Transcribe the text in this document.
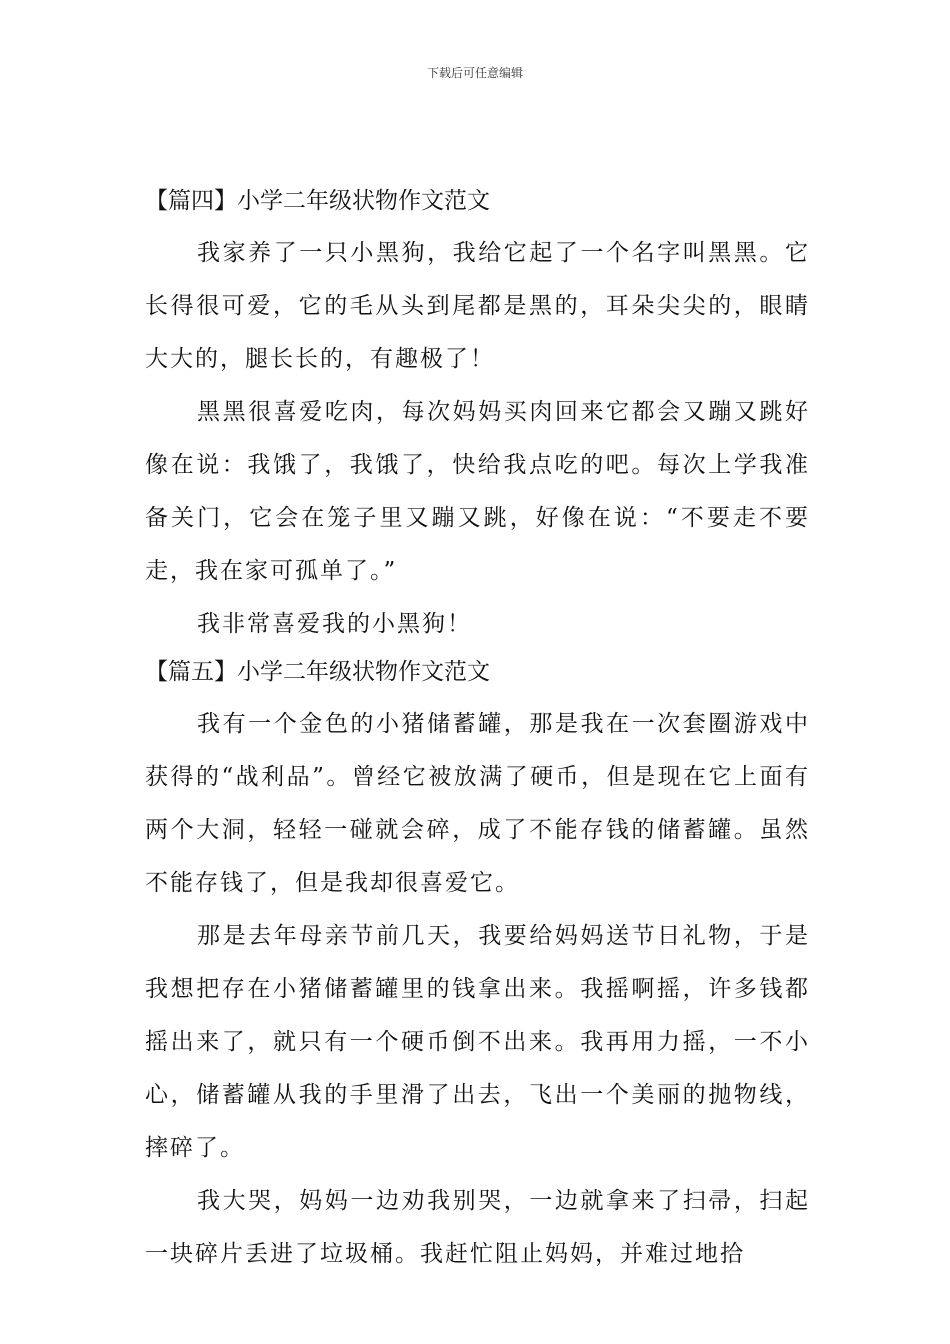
下载后可任意编辑
【篇四】小学二年级状物作文范文

我家养了一只小黑狗，我给它起了一个名字叫黑黑。它长得很可爱，它的毛从头到尾都是黑的，耳朵尖尖的，眼睛大大的，腿长长的，有趣极了！

黑黑很喜爱吃肉，每次妈妈买肉回来它都会又蹦又跳好像在说：我饿了，我饿了，快给我点吃的吧。每次上学我准备关门，它会在笼子里又蹦又跳，好像在说：“不要走不要走，我在家可孤单了。”

我非常喜爱我的小黑狗！

【篇五】小学二年级状物作文范文

我有一个金色的小猪储蓄罐，那是我在一次套圈游戏中获得的“战利品”。曾经它被放满了硬币，但是现在它上面有两个大洞，轻轻一碰就会碎，成了不能存钱的储蓄罐。虽然不能存钱了，但是我却很喜爱它。

那是去年母亲节前几天，我要给妈妈送节日礼物，于是我想把存在小猪储蓄罐里的钱拿出来。我摇啊摇，许多钱都摇出来了，就只有一个硬币倒不出来。我再用力摇，一不小心，储蓄罐从我的手里滑了出去，飞出一个美丽的抛物线，摔碎了。

我大哭，妈妈一边劝我别哭，一边就拿来了扫帚，扫起一块碎片丢进了垃圾桶。我赶忙阻止妈妈，并难过地拾
